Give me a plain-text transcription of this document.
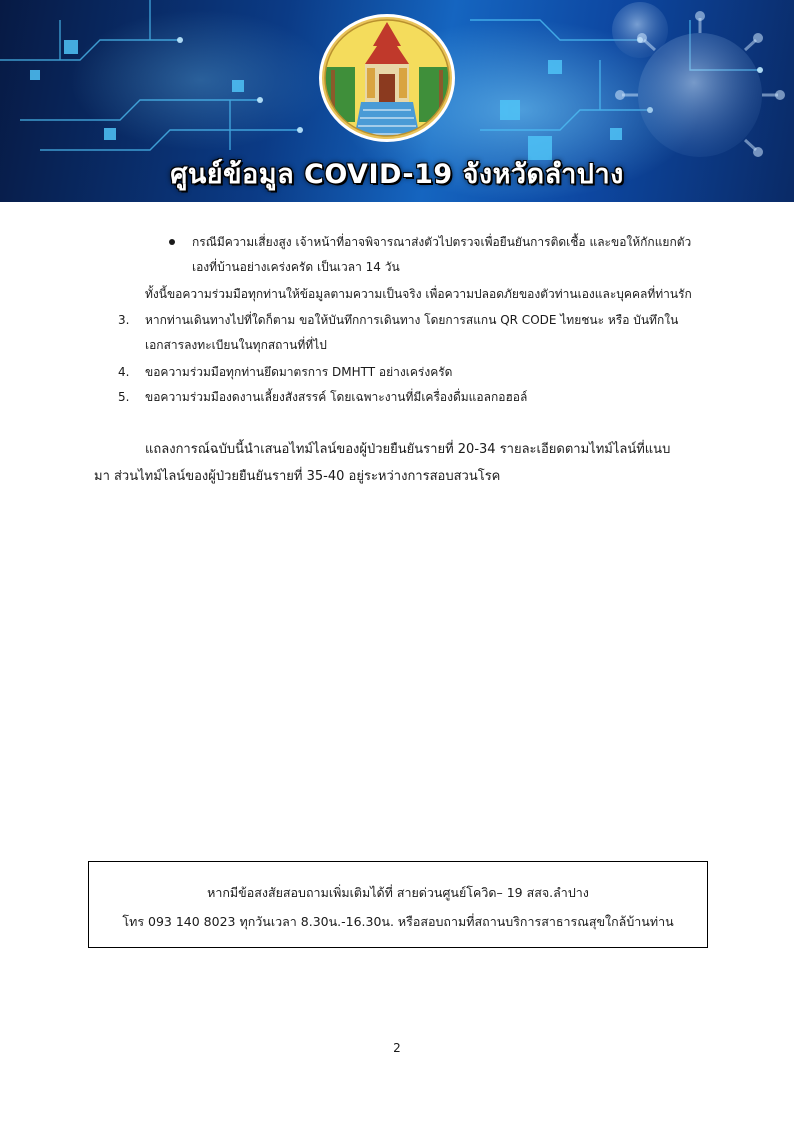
ศูนย์ข้อมูล COVID-19 จังหวัดลำปาง
กรณีมีความเสี่ยงสูง เจ้าหน้าที่อาจพิจารณาส่งตัวไปตรวจเพื่อยืนยันการติดเชื้อ และขอให้กักแยกตัว
เองที่บ้านอย่างเคร่งครัด เป็นเวลา 14 วัน
ทั้งนี้ขอความร่วมมือทุกท่านให้ข้อมูลตามความเป็นจริง เพื่อความปลอดภัยของตัวท่านเองและบุคคลที่ท่านรัก
3. หากท่านเดินทางไปที่ใดก็ตาม ขอให้บันทึกการเดินทาง โดยการสแกน QR CODE ไทยชนะ หรือ บันทึกใน
เอกสารลงทะเบียนในทุกสถานที่ที่ไป
4. ขอความร่วมมือทุกท่านยึดมาตรการ DMHTT อย่างเคร่งครัด
5. ขอความร่วมมืองดงานเลี้ยงสังสรรค์ โดยเฉพาะงานที่มีเครื่องดื่มแอลกอฮอล์
แถลงการณ์ฉบับนี้นำเสนอไทม์ไลน์ของผู้ป่วยยืนยันรายที่ 20-34 รายละเอียดตามไทม์ไลน์ที่แนบ
มา ส่วนไทม์ไลน์ของผู้ป่วยยืนยันรายที่ 35-40 อยู่ระหว่างการสอบสวนโรค
หากมีข้อสงสัยสอบถามเพิ่มเติมได้ที่ สายด่วนศูนย์โควิด– 19 สสจ.ลำปาง
โทร 093 140 8023 ทุกวันเวลา 8.30น.-16.30น. หรือสอบถามที่สถานบริการสาธารณสุขใกล้บ้านท่าน
2
